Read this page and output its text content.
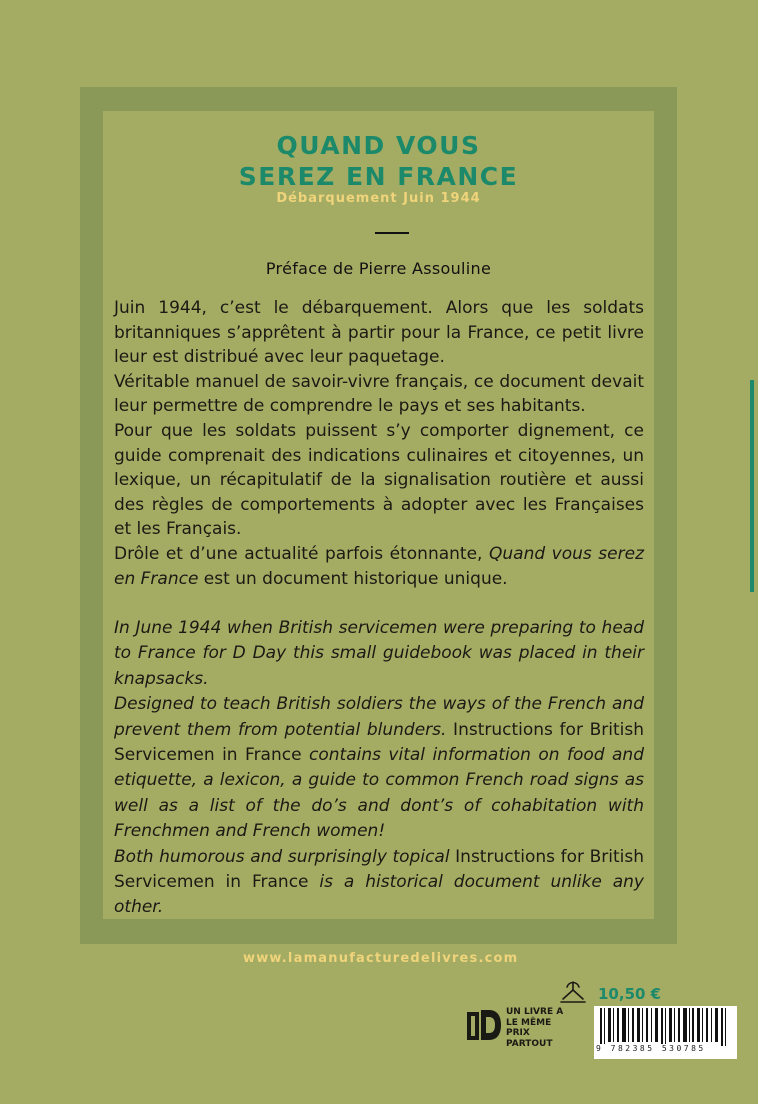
QUAND VOUS
SEREZ EN FRANCE
Débarquement Juin 1944
Préface de Pierre Assouline

Juin 1944, c’est le débarquement. Alors que les soldats britanniques s’apprêtent à partir pour la France, ce petit livre leur est distribué avec leur paquetage.

Véritable manuel de savoir-vivre français, ce document devait leur permettre de comprendre le pays et ses habitants.

Pour que les soldats puissent s’y comporter dignement, ce guide comprenait des indications culinaires et citoyennes, un lexique, un récapitulatif de la signalisation routière et aussi des règles de comportements à adopter avec les Françaises et les Français.

Drôle et d’une actualité parfois étonnante, Quand vous serez en France est un document historique unique.

In June 1944 when British servicemen were preparing to head to France for D Day this small guidebook was placed in their knapsacks.

Designed to teach British soldiers the ways of the French and prevent them from potential blunders. Instructions for British Servicemen in France contains vital information on food and etiquette, a lexicon, a guide to common French road signs as well as a list of the do’s and dont’s of cohabitation with Frenchmen and French women!

Both humorous and surprisingly topical Instructions for British Servicemen in France is a historical document unlike any other.

www.lamanufacturedelivres.com
10,50 €
UN LIVRE A
LE MÊME PRIX
PARTOUT	9 782385 530785
